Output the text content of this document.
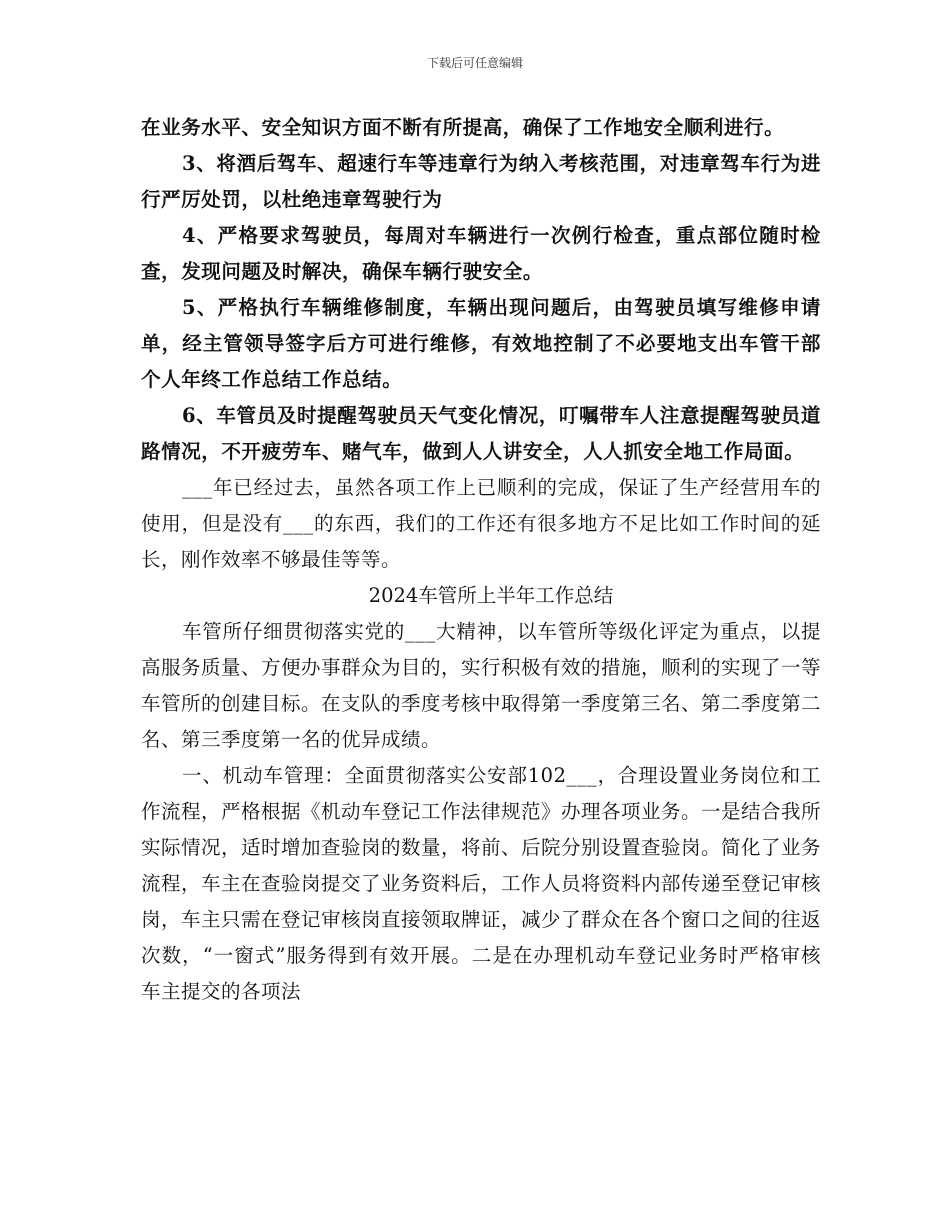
下载后可任意编辑

在业务水平、安全知识方面不断有所提高，确保了工作地安全顺利进行。

3、将酒后驾车、超速行车等违章行为纳入考核范围，对违章驾车行为进行严厉处罚，以杜绝违章驾驶行为

4、严格要求驾驶员，每周对车辆进行一次例行检查，重点部位随时检查，发现问题及时解决，确保车辆行驶安全。

5、严格执行车辆维修制度，车辆出现问题后，由驾驶员填写维修申请单，经主管领导签字后方可进行维修，有效地控制了不必要地支出车管干部个人年终工作总结工作总结。

6、车管员及时提醒驾驶员天气变化情况，叮嘱带车人注意提醒驾驶员道路情况，不开疲劳车、赌气车，做到人人讲安全，人人抓安全地工作局面。

___年已经过去，虽然各项工作上已顺利的完成，保证了生产经营用车的使用，但是没有___的东西，我们的工作还有很多地方不足比如工作时间的延长，刚作效率不够最佳等等。

2024车管所上半年工作总结

车管所仔细贯彻落实党的___大精神，以车管所等级化评定为重点，以提高服务质量、方便办事群众为目的，实行积极有效的措施，顺利的实现了一等车管所的创建目标。在支队的季度考核中取得第一季度第三名、第二季度第二名、第三季度第一名的优异成绩。

一、机动车管理：全面贯彻落实公安部102___，合理设置业务岗位和工作流程，严格根据《机动车登记工作法律规范》办理各项业务。一是结合我所实际情况，适时增加查验岗的数量，将前、后院分别设置查验岗。简化了业务流程，车主在查验岗提交了业务资料后，工作人员将资料内部传递至登记审核岗，车主只需在登记审核岗直接领取牌证，减少了群众在各个窗口之间的往返次数，“一窗式”服务得到有效开展。二是在办理机动车登记业务时严格审核车主提交的各项法
